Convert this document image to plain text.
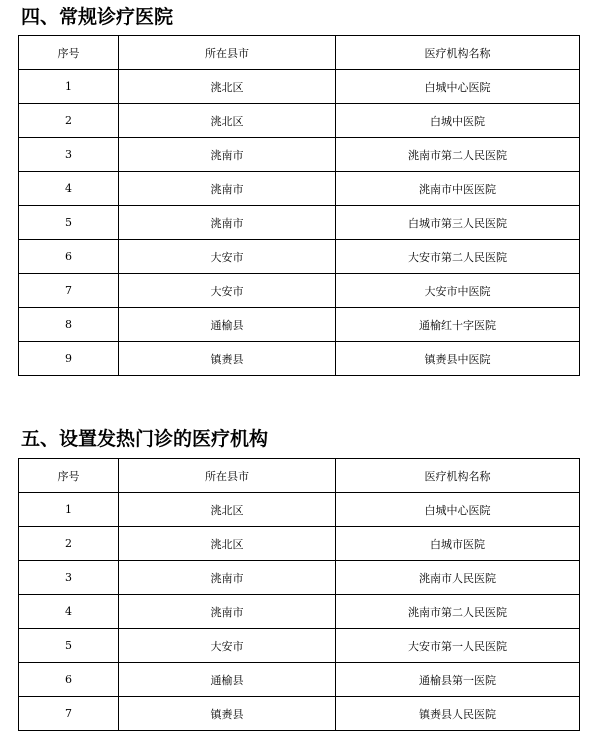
四、常规诊疗医院
序号	所在县市	医疗机构名称
1	洮北区	白城中心医院
2	洮北区	白城中医院
3	洮南市	洮南市第二人民医院
4	洮南市	洮南市中医医院
5	洮南市	白城市第三人民医院
6	大安市	大安市第二人民医院
7	大安市	大安市中医院
8	通榆县	通榆红十字医院
9	镇赉县	镇赉县中医院
五、设置发热门诊的医疗机构
序号	所在县市	医疗机构名称
1	洮北区	白城中心医院
2	洮北区	白城市医院
3	洮南市	洮南市人民医院
4	洮南市	洮南市第二人民医院
5	大安市	大安市第一人民医院
6	通榆县	通榆县第一医院
7	镇赉县	镇赉县人民医院
